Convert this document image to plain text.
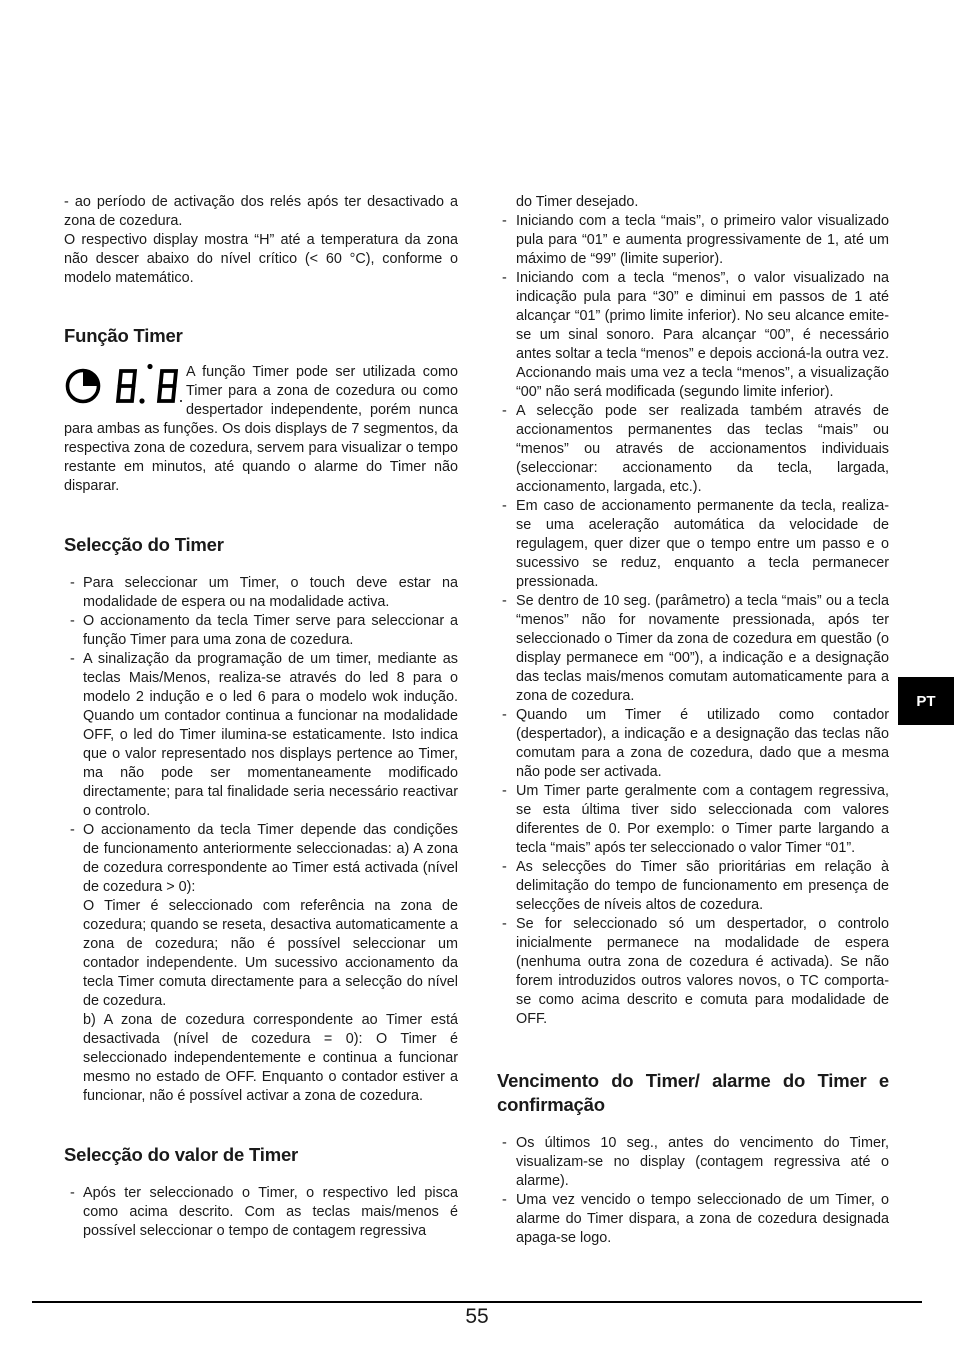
- ao período de activação dos relés após ter desactivado a zona de cozedura.

O respectivo display mostra “H” até a temperatura da zona não descer abaixo do nível crítico (< 60 °C), conforme o modelo matemático.

Função Timer

A função Timer pode ser utilizada como Timer para a zona de cozedura ou como despertador independente, porém nunca para ambas as funções. Os dois displays de 7 segmentos, da respectiva zona de cozedura, servem para visualizar o tempo restante em minutos, até quando o alarme do Timer não disparar.

Selecção do Timer
- Para seleccionar um Timer, o touch deve estar na modalidade de espera ou na modalidade activa.
- O accionamento da tecla Timer serve para seleccionar a função Timer para uma zona de cozedura.
- A sinalização da programação de um timer, mediante as teclas Mais/Menos, realiza-se através do led 8 para o modelo 2 indução e o led 6 para o modelo wok indução. Quando um contador continua a funcionar na modalidade OFF, o led do Timer ilumina-se estaticamente. Isto indica que o valor representado nos displays pertence ao Timer, ma não pode ser momentaneamente modificado directamente; para tal finalidade seria necessário reactivar o controlo.
- O accionamento da tecla Timer depende das condições de funcionamento anteriormente seleccionadas: a) A zona de cozedura correspondente ao Timer está activada (nível de cozedura > 0):

O Timer é seleccionado com referência na zona de cozedura; quando se reseta, desactiva automaticamente a zona de cozedura; não é possível seleccionar um contador independente. Um sucessivo accionamento da tecla Timer comuta directamente para a selecção do nível de cozedura.

b) A zona de cozedura correspondente ao Timer está desactivada (nível de cozedura = 0): O Timer é seleccionado independentemente e continua a funcionar mesmo no estado de OFF. Enquanto o contador estiver a funcionar, não é possível activar a zona de cozedura.

Selecção do valor de Timer
- Após ter seleccionado o Timer, o respectivo led pisca como acima descrito. Com as teclas mais/menos é possível seleccionar o tempo de contagem regressiva

do Timer desejado.

- Iniciando com a tecla “mais”, o primeiro valor visualizado pula para “01” e aumenta progressivamente de 1, até um máximo de “99” (limite superior).
- Iniciando com a tecla “menos”, o valor visualizado na indicação pula para “30” e diminui em passos de 1 até alcançar “01” (primo limite inferior). No seu alcance emite-se um sinal sonoro. Para alcançar “00”, é necessário antes soltar a tecla “menos” e depois accioná-la outra vez. Accionando mais uma vez a tecla “menos”, a visualização “00” não será modificada (segundo limite inferior).
- A selecção pode ser realizada também através de accionamentos permanentes das teclas “mais” ou “menos” ou através de accionamentos individuais (seleccionar: accionamento da tecla, largada, accionamento, largada, etc.).
- Em caso de accionamento permanente da tecla, realiza-se uma aceleração automática da velocidade de regulagem, quer dizer que o tempo entre um passo e o sucessivo se reduz, enquanto a tecla permanecer pressionada.
- Se dentro de 10 seg. (parâmetro) a tecla “mais” ou a tecla “menos” não for novamente pressionada, após ter seleccionado o Timer da zona de cozedura em questão (o display permanece em “00”), a indicação e a designação das teclas mais/menos comutam automaticamente para a zona de cozedura.
- Quando um Timer é utilizado como contador (despertador), a indicação e a designação das teclas não comutam para a zona de cozedura, dado que a mesma não pode ser activada.
- Um Timer parte geralmente com a contagem regressiva, se esta última tiver sido seleccionada com valores diferentes de 0. Por exemplo: o Timer parte largando a tecla “mais” após ter seleccionado o valor Timer “01”.
- As selecções do Timer são prioritárias em relação à delimitação do tempo de funcionamento em presença de selecções de níveis altos de cozedura.
- Se for seleccionado só um despertador, o controlo inicialmente permanece na modalidade de espera (nenhuma outra zona de cozedura é activada). Se não forem introduzidos outros valores novos, o TC comporta-se como acima descrito e comuta para modalidade de OFF.
Vencimento do Timer/ alarme do Timer e confirmação
- Os últimos 10 seg., antes do vencimento do Timer, visualizam-se no display (contagem regressiva até o alarme).
- Uma vez vencido o tempo seleccionado de um Timer, o alarme do Timer dispara, a zona de cozedura designada apaga-se logo.
PT
55
